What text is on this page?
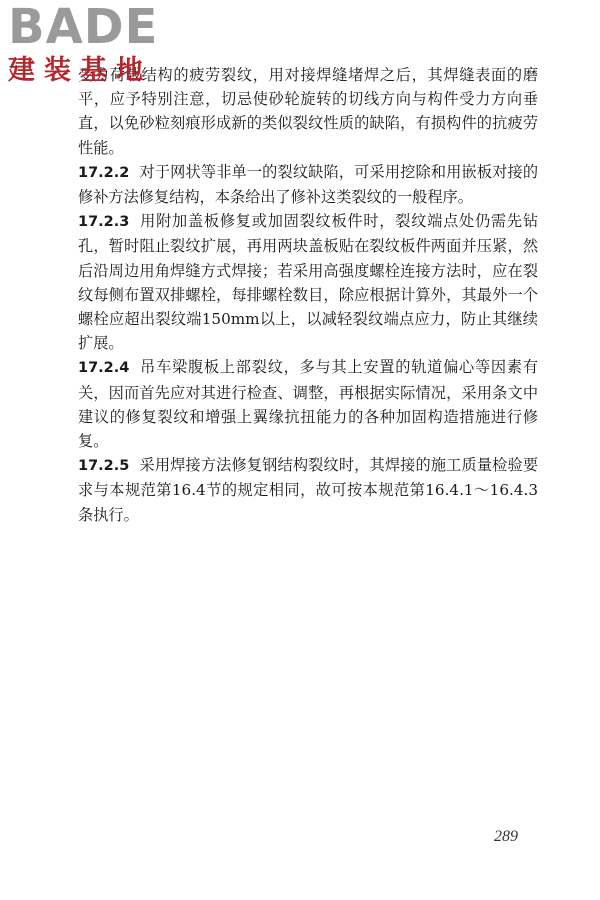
BADE
建装基地

受力荷载结构的疲劳裂纹，用对接焊缝堵焊之后，其焊缝表面的磨平，应予特别注意，切忌使砂轮旋转的切线方向与构件受力方向垂直，以免砂粒刻痕形成新的类似裂纹性质的缺陷，有损构件的抗疲劳性能。

17.2.2 对于网状等非单一的裂纹缺陷，可采用挖除和用嵌板对接的修补方法修复结构，本条给出了修补这类裂纹的一般程序。

17.2.3 用附加盖板修复或加固裂纹板件时，裂纹端点处仍需先钻孔，暂时阻止裂纹扩展，再用两块盖板贴在裂纹板件两面并压紧，然后沿周边用角焊缝方式焊接；若采用高强度螺栓连接方法时，应在裂纹每侧布置双排螺栓，每排螺栓数目，除应根据计算外，其最外一个螺栓应超出裂纹端150mm以上，以减轻裂纹端点应力，防止其继续扩展。

17.2.4 吊车梁腹板上部裂纹，多与其上安置的轨道偏心等因素有关，因而首先应对其进行检查、调整，再根据实际情况，采用条文中建议的修复裂纹和增强上翼缘抗扭能力的各种加固构造措施进行修复。

17.2.5 采用焊接方法修复钢结构裂纹时，其焊接的施工质量检验要求与本规范第16.4节的规定相同，故可按本规范第16.4.1～16.4.3条执行。

289
